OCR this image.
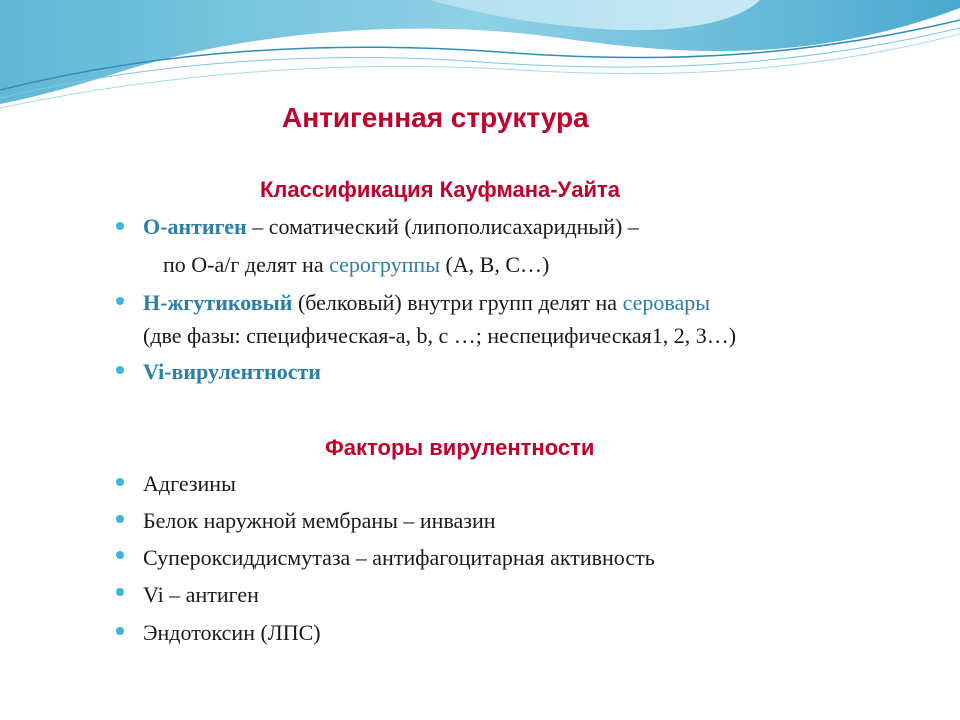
Антигенная структура
Классификация Кауфмана-Уайта

О-антиген – соматический (липополисахаридный) –

по О-а/г делят на серогруппы (А, В, С…)

Н-жгутиковый (белковый) внутри групп делят на серовары

(две фазы: специфическая-а, b, с …; неспецифическая1, 2, 3…)

Vi-вирулентности

Факторы вирулентности

Адгезины

Белок наружной мембраны – инвазин

Супероксиддисмутаза – антифагоцитарная активность

Vi – антиген

Эндотоксин (ЛПС)
